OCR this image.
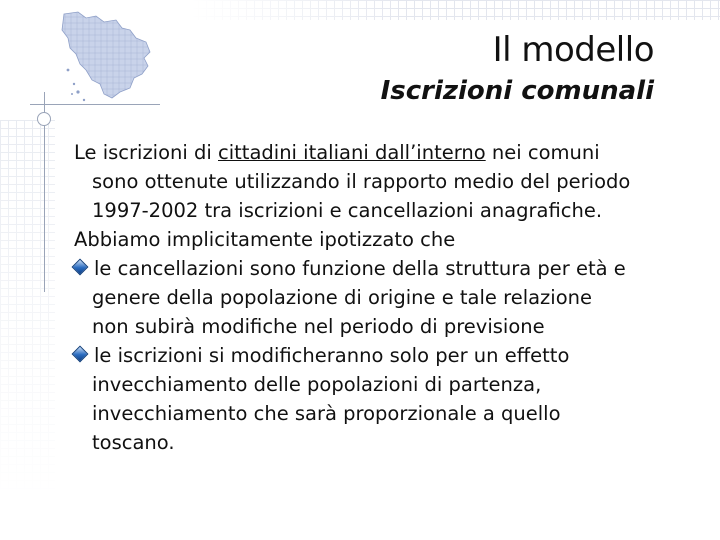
Il modello
Iscrizioni comunali

Le iscrizioni di cittadini italiani dall’interno nei comuni
sono ottenute utilizzando il rapporto medio del periodo
1997-2002 tra iscrizioni e cancellazioni anagrafiche.

Abbiamo implicitamente ipotizzato che

le cancellazioni sono funzione della struttura per età e
genere della popolazione di origine e tale relazione
non subirà modifiche nel periodo di previsione

le iscrizioni si modificheranno solo per un effetto
invecchiamento delle popolazioni di partenza,
invecchiamento che sarà proporzionale a quello
toscano.
